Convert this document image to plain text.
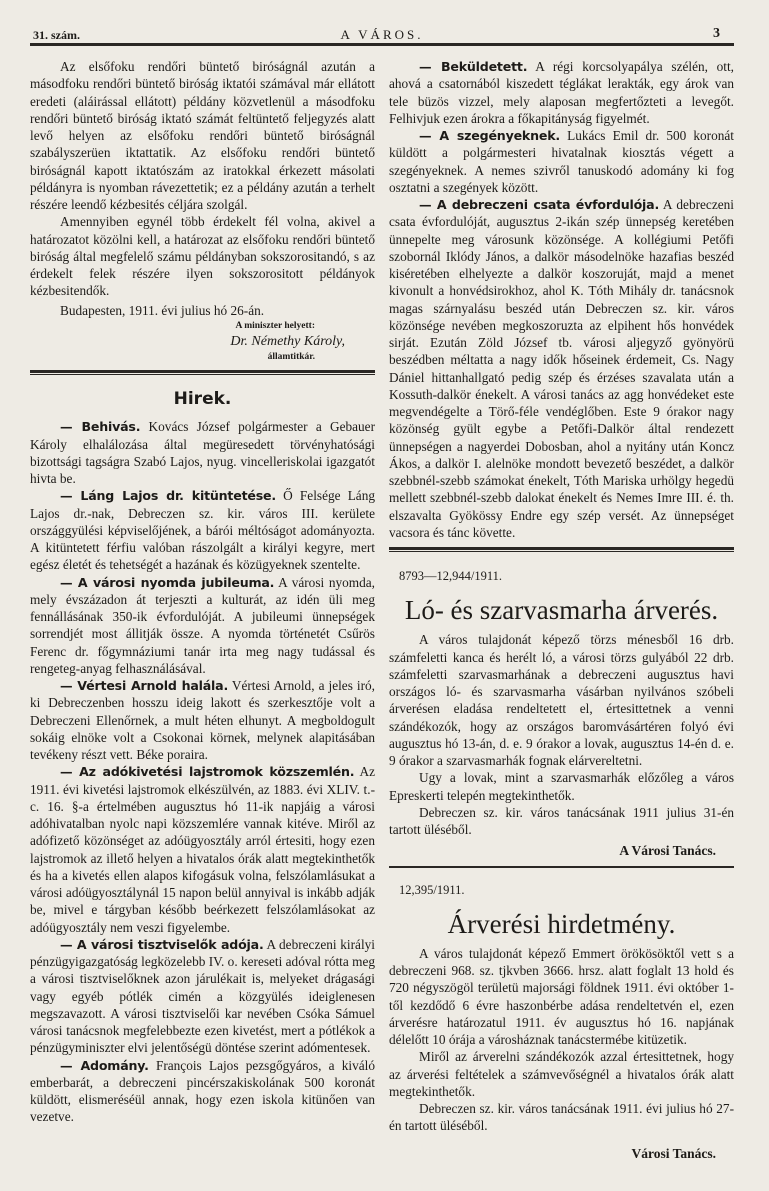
31. szám.	A VÁROS.	3

Az elsőfoku rendőri büntető biróságnál azután a másodfoku rendőri büntető biróság iktatói számával már ellátott eredeti (aláirással ellátott) példány közvetlenül a másodfoku rendőri büntető biróság iktató számát feltüntető feljegyzés alatt levő helyen az elsőfoku rendőri büntető biróságnál szabályszerüen iktattatik. Az elsőfoku rendőri büntető biróságnál kapott iktatószám az iratokkal érkezett másolati példányra is nyomban rávezettetik; ez a példány azután a terhelt részére leendő kézbesités céljára szolgál.

Amennyiben egynél több érdekelt fél volna, akivel a határozatot közölni kell, a határozat az elsőfoku rendőri büntető biróság által megfelelő számu példányban sokszorositandó, s az érdekelt felek részére ilyen sokszorositott példányok kézbesitendők.

Budapesten, 1911. évi julius hó 26-án.

A miniszter helyett:

Dr. Némethy Károly,

államtitkár.

Hirek.

— Behivás. Kovács József polgármester a Gebauer Károly elhalálozása által megüresedett törvényhatósági bizottsági tagságra Szabó Lajos, nyug. vincelleriskolai igazgatót hivta be.

— Láng Lajos dr. kitüntetése. Ő Felsége Láng Lajos dr.-nak, Debreczen sz. kir. város III. kerülete országgyülési képviselőjének, a bárói méltóságot adományozta. A kitüntetett férfiu valóban rászolgált a királyi kegyre, mert egész életét és tehetségét a hazának és közügyeknek szentelte.

— A városi nyomda jubileuma. A városi nyomda, mely évszázadon át terjeszti a kulturát, az idén üli meg fennállásának 350-ik évfordulóját. A jubileumi ünnepségek sorrendjét most állitják össze. A nyomda történetét Csűrös Ferenc dr. főgymnáziumi tanár irta meg nagy tudással és rengeteg-anyag felhasználásával.

— Vértesi Arnold halála. Vértesi Arnold, a jeles iró, ki Debreczenben hosszu ideig lakott és szerkesztője volt a Debreczeni Ellenőrnek, a mult héten elhunyt. A megboldogult sokáig elnöke volt a Csokonai körnek, melynek alapitásában tevékeny részt vett. Béke poraira.

— Az adókivetési lajstromok közszemlén. Az 1911. évi kivetési lajstromok elkészülvén, az 1883. évi XLIV. t.-c. 16. §-a értelmében augusztus hó 11-ik napjáig a városi adóhivatalban nyolc napi közszemlére vannak kitéve. Miről az adófizető közönséget az adóügyosztály arról értesiti, hogy ezen lajstromok az illető helyen a hivatalos órák alatt megtekinthetők és ha a kivetés ellen alapos kifogásuk volna, felszólamlásukat a városi adóügyosztálynál 15 napon belül annyival is inkább adják be, mivel e tárgyban később beérkezett felszólamlásokat az adóügyosztály nem veszi figyelembe.

— A városi tisztviselők adója. A debreczeni királyi pénzügyigazgatóság legközelebb IV. o. kereseti adóval rótta meg a városi tisztviselőknek azon járulékait is, melyeket drágasági vagy egyéb pótlék cimén a közgyülés ideiglenesen megszavazott. A városi tisztviselői kar nevében Csóka Sámuel városi tanácsnok megfelebbezte ezen kivetést, mert a pótlékok a pénzügyminiszter elvi jelentőségü döntése szerint adómentesek.

— Adomány. François Lajos pezsgőgyáros, a kiváló emberbarát, a debreczeni pincérszakiskolának 500 koronát küldött, elismeréséül annak, hogy ezen iskola kitünően van vezetve.

— Beküldetett. A régi korcsolyapálya szélén, ott, ahová a csatornából kiszedett téglákat lerakták, egy árok van tele büzös vizzel, mely alaposan megfertőzteti a levegőt. Felhivjuk ezen árokra a főkapitányság figyelmét.

— A szegényeknek. Lukács Emil dr. 500 koronát küldött a polgármesteri hivatalnak kiosztás végett a szegényeknek. A nemes szivről tanuskodó adomány ki fog osztatni a szegények között.

— A debreczeni csata évfordulója. A debreczeni csata évfordulóját, augusztus 2-ikán szép ünnepség keretében ünnepelte meg városunk közönsége. A kollégiumi Petőfi szobornál Iklódy János, a dalkör másodelnöke hazafias beszéd kiséretében elhelyezte a dalkör koszoruját, majd a menet kivonult a honvédsirokhoz, ahol K. Tóth Mihály dr. tanácsnok magas szárnyalásu beszéd után Debreczen sz. kir. város közönsége nevében megkoszoruzta az elpihent hős honvédek sirját. Ezután Zöld József tb. városi aljegyző gyönyörü beszédben méltatta a nagy idők hőseinek érdemeit, Cs. Nagy Dániel hittanhallgató pedig szép és érzéses szavalata után a Kossuth-dalkör énekelt. A városi tanács az agg honvédeket este megvendégelte a Törő-féle vendéglőben. Este 9 órakor nagy közönség gyült egybe a Petőfi-Dalkör által rendezett ünnepségen a nagyerdei Dobosban, ahol a nyitány után Koncz Ákos, a dalkör I. alelnöke mondott bevezető beszédet, a dalkör szebbnél-szebb számokat énekelt, Tóth Mariska urhölgy hegedü mellett szebbnél-szebb dalokat énekelt és Nemes Imre III. é. th. elszavalta Gyökössy Endre egy szép versét. Az ünnepséget vacsora és tánc követte.

8793—12,944/1911.

Ló- és szarvasmarha árverés.

A város tulajdonát képező törzs ménesből 16 drb. számfeletti kanca és herélt ló, a városi törzs gulyából 22 drb. számfeletti szarvasmarhának a debreczeni augusztus havi országos ló- és szarvasmarha vásárban nyilvános szóbeli árverésen eladása rendeltetett el, értesittetnek a venni szándékozók, hogy az országos baromvásártéren folyó évi augusztus hó 13-án, d. e. 9 órakor a lovak, augusztus 14-én d. e. 9 órakor a szarvasmarhák fognak elárvereltetni.

Ugy a lovak, mint a szarvasmarhák előzőleg a város Epreskerti telepén megtekinthetők.

Debreczen sz. kir. város tanácsának 1911 julius 31-én tartott üléséből.

A Városi Tanács.

12,395/1911.

Árverési hirdetmény.

A város tulajdonát képező Emmert örökösöktől vett s a debreczeni 968. sz. tjkvben 3666. hrsz. alatt foglalt 13 hold és 720 négyszögöl területü majorsági földnek 1911. évi október 1-től kezdődő 6 évre haszonbérbe adása rendeltetvén el, ezen árverésre határozatul 1911. év augusztus hó 16. napjának délelőtt 10 órája a városháznak tanácstermébe kitüzetik.

Miről az árverelni szándékozók azzal értesittetnek, hogy az árverési feltételek a számvevőségnél a hivatalos órák alatt megtekinthetők.

Debreczen sz. kir. város tanácsának 1911. évi julius hó 27-én tartott üléséből.

Városi Tanács.
